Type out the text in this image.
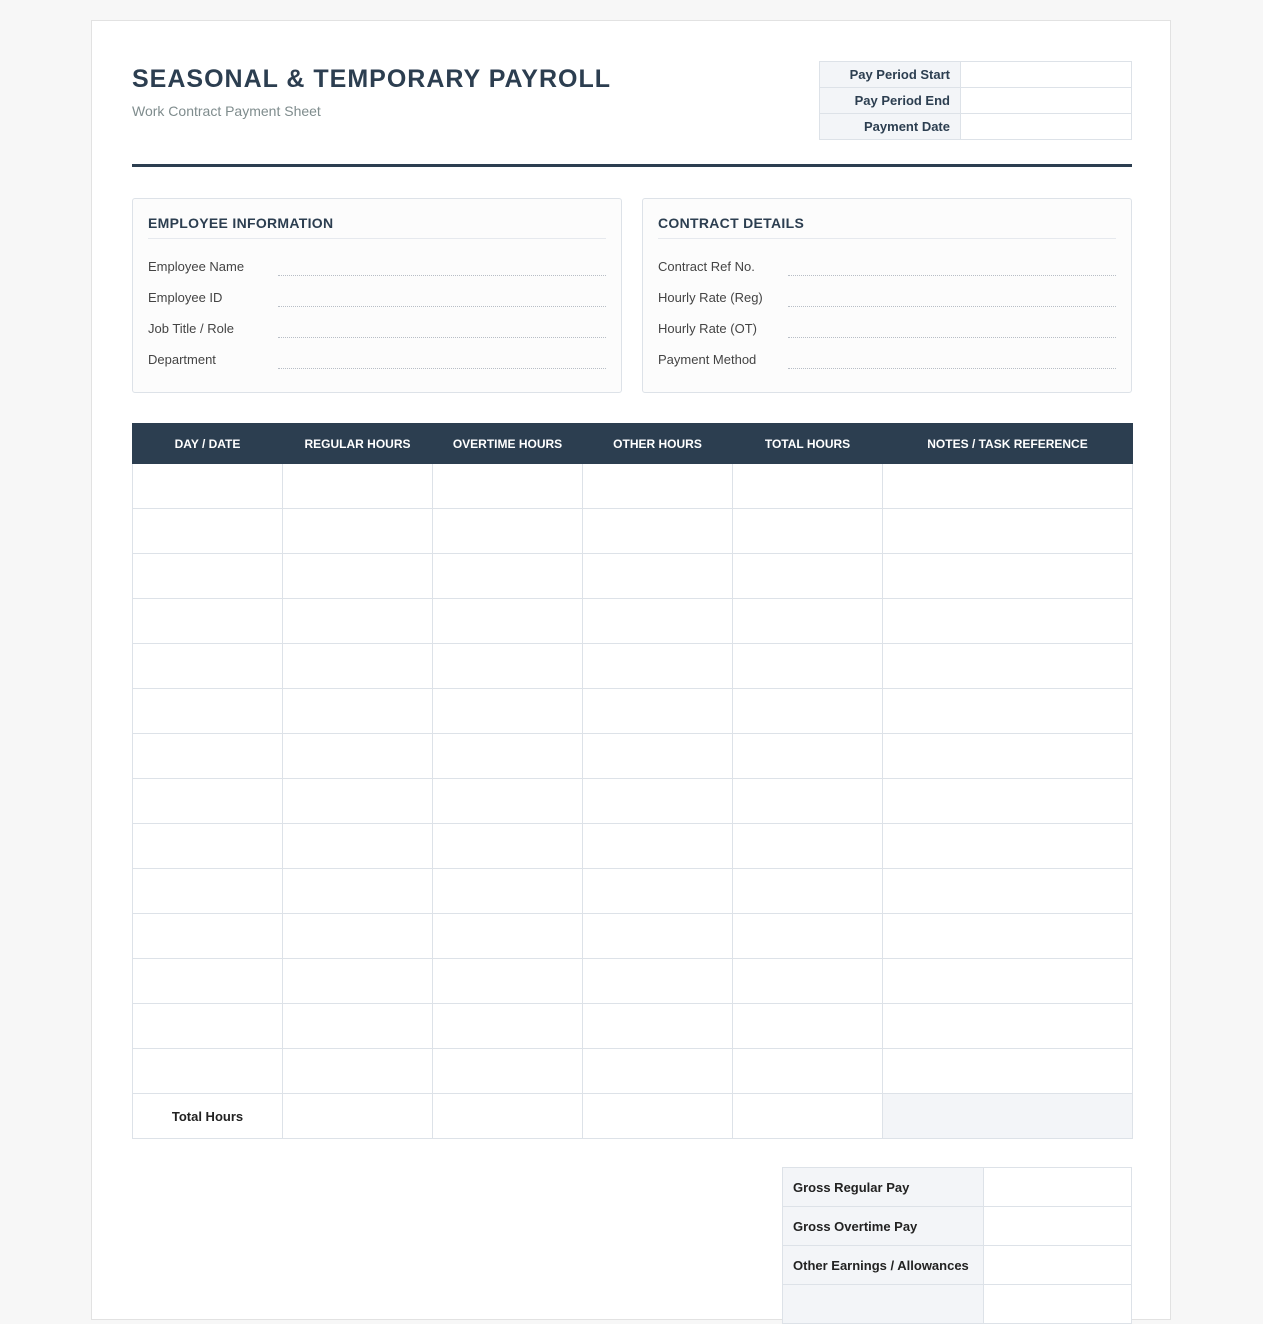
SEASONAL & TEMPORARY PAYROLL
Work Contract Payment Sheet
Pay Period Start	
Pay Period End	
Payment Date	
EMPLOYEE INFORMATION
Employee Name
Employee ID
Job Title / Role
Department
CONTRACT DETAILS
Contract Ref No.
Hourly Rate (Reg)
Hourly Rate (OT)
Payment Method
DAY / DATE	REGULAR HOURS	OVERTIME HOURS	OTHER HOURS	TOTAL HOURS	NOTES / TASK REFERENCE

Total Hours					
Gross Regular Pay	
Gross Overtime Pay	
Other Earnings / Allowances	
